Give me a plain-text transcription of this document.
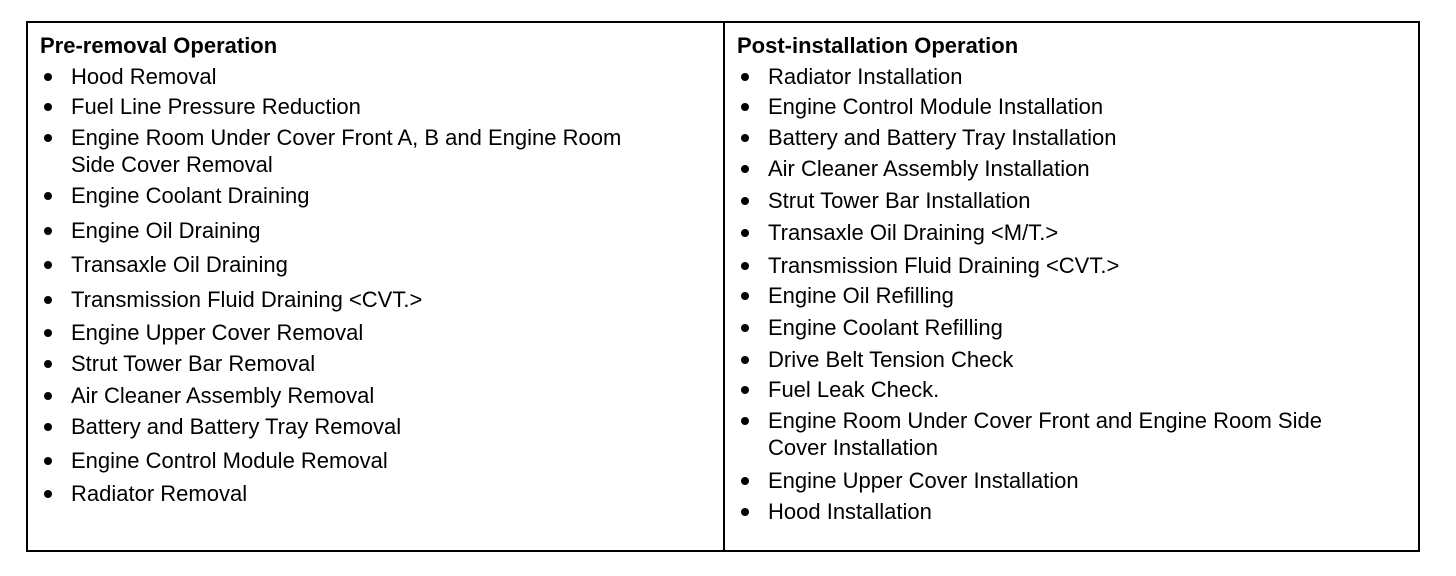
Pre-removal Operation
Hood Removal
Fuel Line Pressure Reduction
Engine Room Under Cover Front A, B and Engine Room
Side Cover Removal
Engine Coolant Draining
Engine Oil Draining
Transaxle Oil Draining
Transmission Fluid Draining <CVT.>
Engine Upper Cover Removal
Strut Tower Bar Removal
Air Cleaner Assembly Removal
Battery and Battery Tray Removal
Engine Control Module Removal
Radiator Removal
Post-installation Operation
Radiator Installation
Engine Control Module Installation
Battery and Battery Tray Installation
Air Cleaner Assembly Installation
Strut Tower Bar Installation
Transaxle Oil Draining <M/T.>
Transmission Fluid Draining <CVT.>
Engine Oil Refilling
Engine Coolant Refilling
Drive Belt Tension Check
Fuel Leak Check.
Engine Room Under Cover Front and Engine Room Side
Cover Installation
Engine Upper Cover Installation
Hood Installation
